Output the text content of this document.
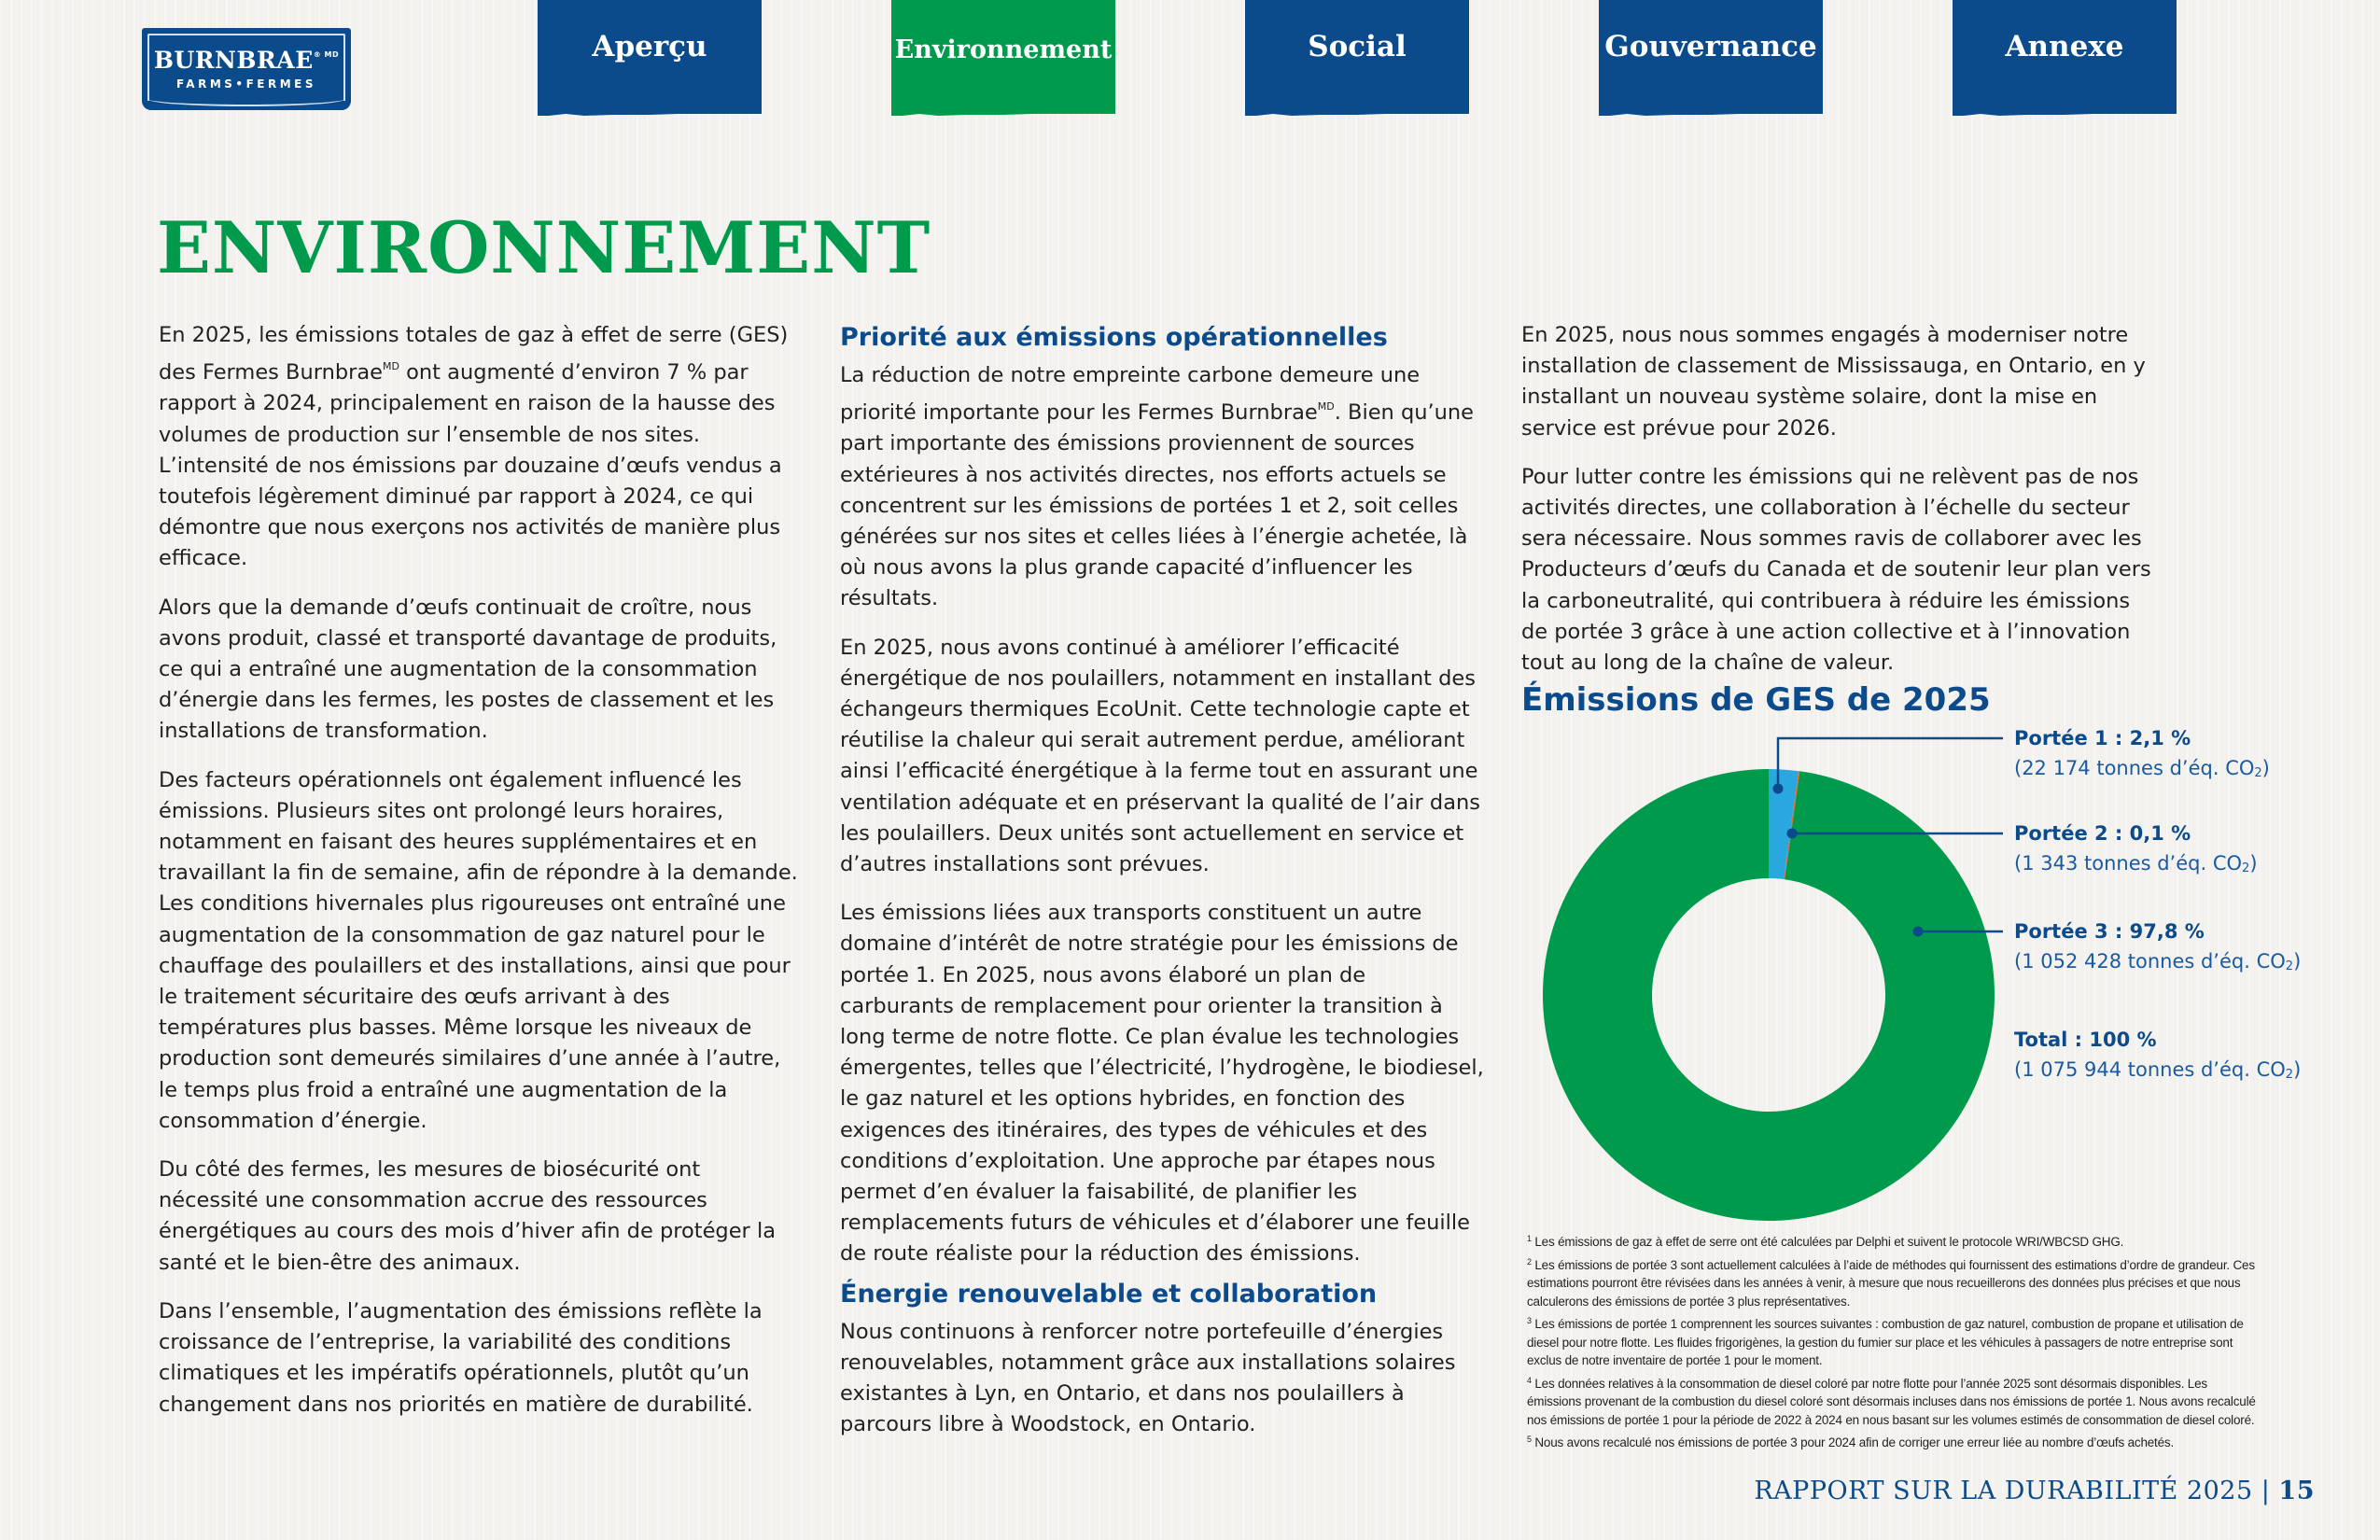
$BURNBRAE^{® MD}$
FARMS•FERMES
Aperçu	Environnement	Social	Gouvernance	Annexe
ENVIRONNEMENT

En 2025, les émissions totales de gaz à effet de serre (GES) des Fermes Burnbrae$^{MD}$ ont augmenté d’environ 7 % par rapport à 2024, principalement en raison de la hausse des volumes de production sur l’ensemble de nos sites. L’intensité de nos émissions par douzaine d’œufs vendus a toutefois légèrement diminué par rapport à 2024, ce qui démontre que nous exerçons nos activités de manière plus efficace.

Alors que la demande d’œufs continuait de croître, nous avons produit, classé et transporté davantage de produits, ce qui a entraîné une augmentation de la consommation d’énergie dans les fermes, les postes de classement et les installations de transformation.

Des facteurs opérationnels ont également influencé les émissions. Plusieurs sites ont prolongé leurs horaires, notamment en faisant des heures supplémentaires et en travaillant la fin de semaine, afin de répondre à la demande. Les conditions hivernales plus rigoureuses ont entraîné une augmentation de la consommation de gaz naturel pour le chauffage des poulaillers et des installations, ainsi que pour le traitement sécuritaire des œufs arrivant à des températures plus basses. Même lorsque les niveaux de production sont demeurés similaires d’une année à l’autre, le temps plus froid a entraîné une augmentation de la consommation d’énergie.

Du côté des fermes, les mesures de biosécurité ont nécessité une consommation accrue des ressources énergétiques au cours des mois d’hiver afin de protéger la santé et le bien-être des animaux.

Dans l’ensemble, l’augmentation des émissions reflète la croissance de l’entreprise, la variabilité des conditions climatiques et les impératifs opérationnels, plutôt qu’un changement dans nos priorités en matière de durabilité.

Priorité aux émissions opérationnelles

La réduction de notre empreinte carbone demeure une priorité importante pour les Fermes Burnbrae$^{MD}$. Bien qu’une part importante des émissions proviennent de sources extérieures à nos activités directes, nos efforts actuels se concentrent sur les émissions de portées 1 et 2, soit celles générées sur nos sites et celles liées à l’énergie achetée, là où nous avons la plus grande capacité d’influencer les résultats.

En 2025, nous avons continué à améliorer l’efficacité énergétique de nos poulaillers, notamment en installant des échangeurs thermiques EcoUnit. Cette technologie capte et réutilise la chaleur qui serait autrement perdue, améliorant ainsi l’efficacité énergétique à la ferme tout en assurant une ventilation adéquate et en préservant la qualité de l’air dans les poulaillers. Deux unités sont actuellement en service et d’autres installations sont prévues.

Les émissions liées aux transports constituent un autre domaine d’intérêt de notre stratégie pour les émissions de portée 1. En 2025, nous avons élaboré un plan de carburants de remplacement pour orienter la transition à long terme de notre flotte. Ce plan évalue les technologies émergentes, telles que l’électricité, l’hydrogène, le biodiesel, le gaz naturel et les options hybrides, en fonction des exigences des itinéraires, des types de véhicules et des conditions d’exploitation. Une approche par étapes nous permet d’en évaluer la faisabilité, de planifier les remplacements futurs de véhicules et d’élaborer une feuille de route réaliste pour la réduction des émissions.

Énergie renouvelable et collaboration

Nous continuons à renforcer notre portefeuille d’énergies renouvelables, notamment grâce aux installations solaires existantes à Lyn, en Ontario, et dans nos poulaillers à parcours libre à Woodstock, en Ontario.

En 2025, nous nous sommes engagés à moderniser notre installation de classement de Mississauga, en Ontario, en y installant un nouveau système solaire, dont la mise en service est prévue pour 2026.

Pour lutter contre les émissions qui ne relèvent pas de nos activités directes, une collaboration à l’échelle du secteur sera nécessaire. Nous sommes ravis de collaborer avec les Producteurs d’œufs du Canada et de soutenir leur plan vers la carboneutralité, qui contribuera à réduire les émissions de portée 3 grâce à une action collective et à l’innovation tout au long de la chaîne de valeur.

Émissions de GES de 2025
Portée 1 : 2,1 %
(22 174 tonnes d’éq. $CO_2$)
Portée 2 : 0,1 %
(1 343 tonnes d’éq. $CO_2$)
Portée 3 : 97,8 %
(1 052 428 tonnes d’éq. $CO_2$)
Total : 100 %
(1 075 944 tonnes d’éq. $CO_2$)

$^1$ Les émissions de gaz à effet de serre ont été calculées par Delphi et suivent le protocole WRI/WBCSD GHG.

$^2$ Les émissions de portée 3 sont actuellement calculées à l’aide de méthodes qui fournissent des estimations d’ordre de grandeur. Ces estimations pourront être révisées dans les années à venir, à mesure que nous recueillerons des données plus précises et que nous calculerons des émissions de portée 3 plus représentatives.

$^3$ Les émissions de portée 1 comprennent les sources suivantes : combustion de gaz naturel, combustion de propane et utilisation de diesel pour notre flotte. Les fluides frigorigènes, la gestion du fumier sur place et les véhicules à passagers de notre entreprise sont exclus de notre inventaire de portée 1 pour le moment.

$^4$ Les données relatives à la consommation de diesel coloré par notre flotte pour l’année 2025 sont désormais disponibles. Les émissions provenant de la combustion du diesel coloré sont désormais incluses dans nos émissions de portée 1. Nous avons recalculé nos émissions de portée 1 pour la période de 2022 à 2024 en nous basant sur les volumes estimés de consommation de diesel coloré.

$^5$ Nous avons recalculé nos émissions de portée 3 pour 2024 afin de corriger une erreur liée au nombre d’œufs achetés.

RAPPORT SUR LA DURABILITÉ 2025 | 15
